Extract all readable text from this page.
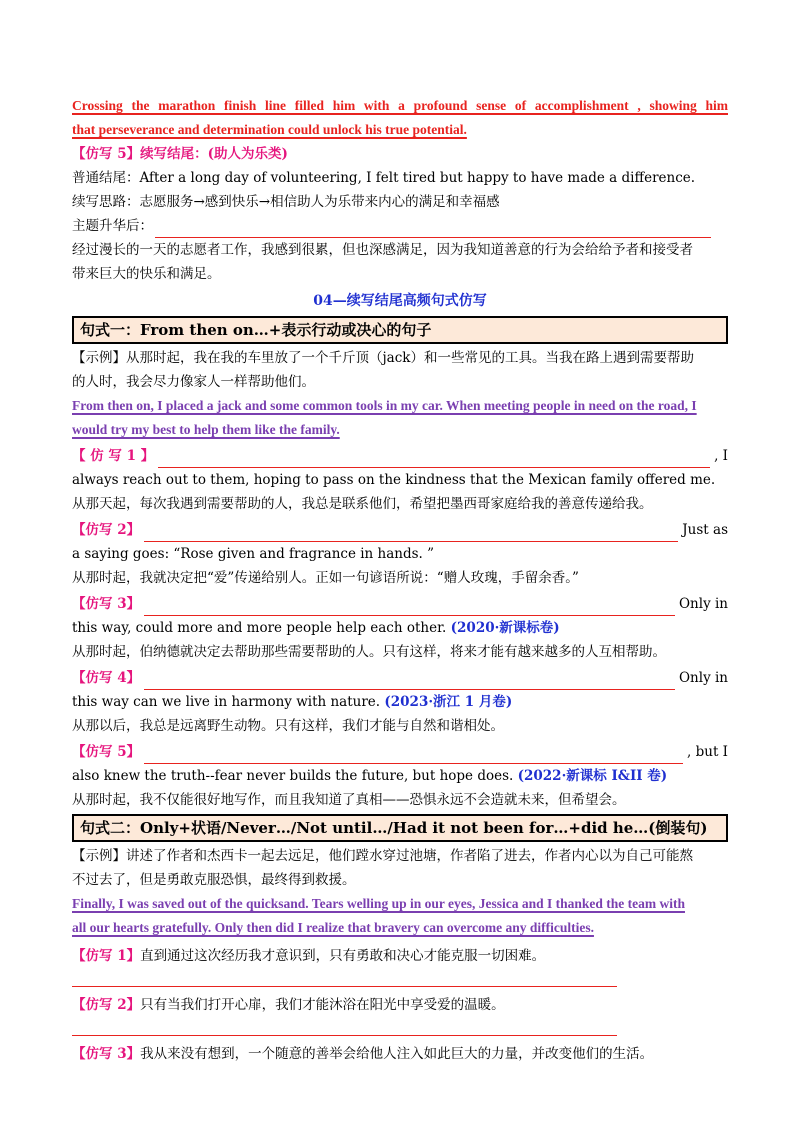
Crossing the marathon finish line filled him with a profound sense of accomplishment , showing him
that perseverance and determination could unlock his true potential.
【仿写 5】续写结尾：(助人为乐类)
普通结尾：After a long day of volunteering, I felt tired but happy to have made a difference.
续写思路：志愿服务→感到快乐→相信助人为乐带来内心的满足和幸福感
主题升华后：
经过漫长的一天的志愿者工作，我感到很累，但也深感满足，因为我知道善意的行为会给给予者和接受者
带来巨大的快乐和满足。
04—续写结尾高频句式仿写
句式一：From then on…+表示行动或决心的句子
【示例】从那时起，我在我的车里放了一个千斤顶（jack）和一些常见的工具。当我在路上遇到需要帮助
的人时，我会尽力像家人一样帮助他们。
From then on, I placed a jack and some common tools in my car. When meeting people in need on the road, I
would try my best to help them like the family.
【 仿 写 1 】	, I
always reach out to them, hoping to pass on the kindness that the Mexican family offered me.
从那天起，每次我遇到需要帮助的人，我总是联系他们，希望把墨西哥家庭给我的善意传递给我。
【仿写 2】	Just as
a saying goes: “Rose given and fragrance in hands. ”
从那时起，我就决定把“爱”传递给别人。正如一句谚语所说：“赠人玫瑰，手留余香。”
【仿写 3】	Only in
this way, could more and more people help each other. (2020·新课标卷)
从那时起，伯纳德就决定去帮助那些需要帮助的人。只有这样，将来才能有越来越多的人互相帮助。
【仿写 4】	Only in
this way can we live in harmony with nature. (2023·浙江 1 月卷)
从那以后，我总是远离野生动物。只有这样，我们才能与自然和谐相处。
【仿写 5】	, but I
also knew the truth--fear never builds the future, but hope does. (2022·新课标 I&II 卷)
从那时起，我不仅能很好地写作，而且我知道了真相——恐惧永远不会造就未来，但希望会。
句式二：Only+状语/Never…/Not until…/Had it not been for…+did he…(倒装句)
【示例】讲述了作者和杰西卡一起去远足，他们蹚水穿过池塘，作者陷了进去，作者内心以为自己可能熬
不过去了，但是勇敢克服恐惧，最终得到救援。
Finally, I was saved out of the quicksand. Tears welling up in our eyes, Jessica and I thanked the team with
all our hearts gratefully. Only then did I realize that bravery can overcome any difficulties.
【仿写 1】直到通过这次经历我才意识到，只有勇敢和决心才能克服一切困难。
【仿写 2】只有当我们打开心扉，我们才能沐浴在阳光中享受爱的温暖。
【仿写 3】我从来没有想到，一个随意的善举会给他人注入如此巨大的力量，并改变他们的生活。
